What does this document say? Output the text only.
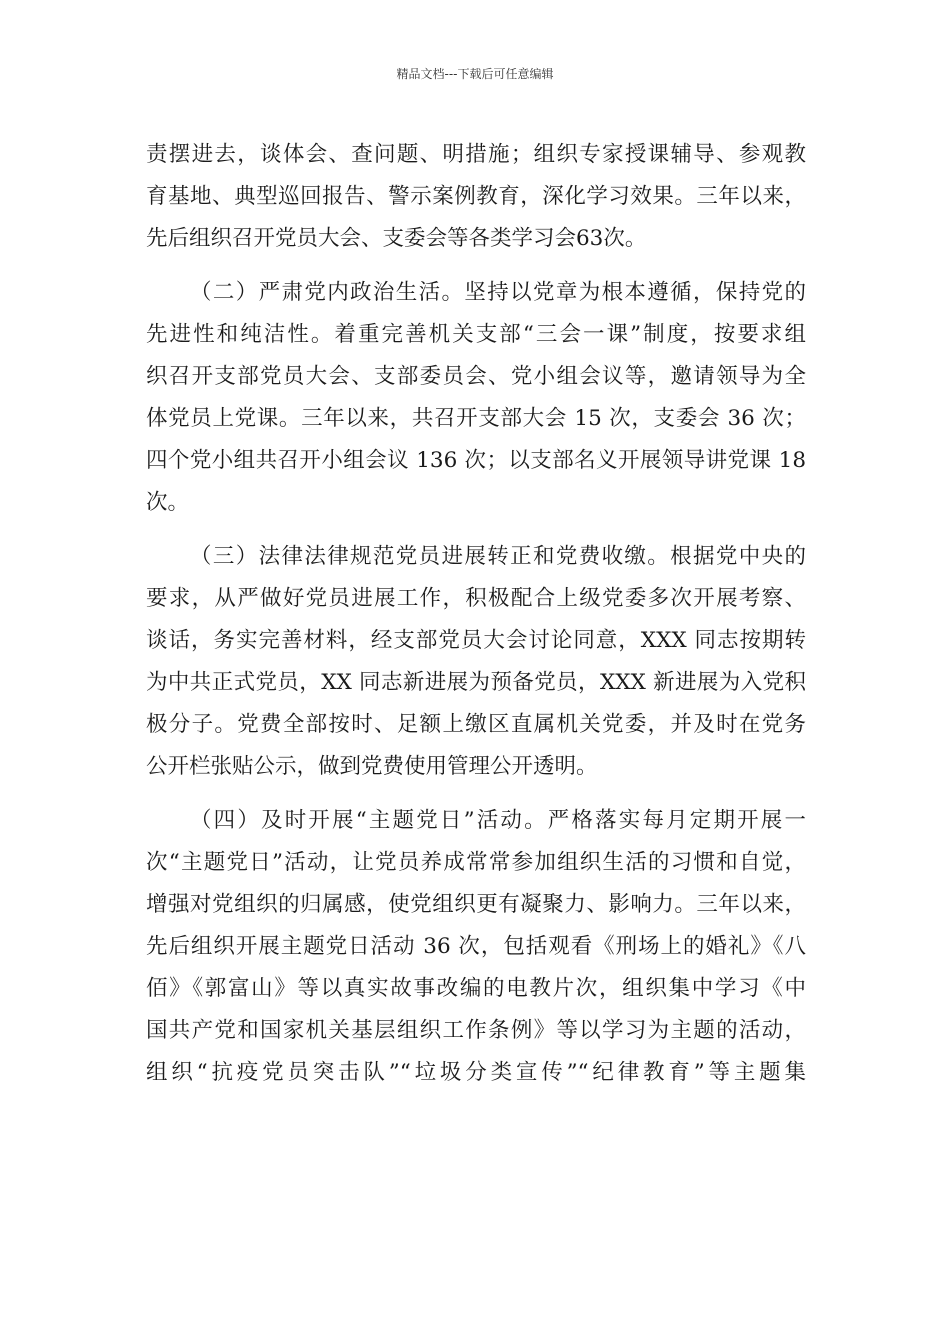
精品文档---下载后可任意编辑
责摆进去，谈体会、查问题、明措施；组织专家授课辅导、参观教
育基地、典型巡回报告、警示案例教育，深化学习效果。三年以来，
先后组织召开党员大会、支委会等各类学习会63次。
（二）严肃党内政治生活。坚持以党章为根本遵循，保持党的
先进性和纯洁性。着重完善机关支部“三会一课”制度，按要求组
织召开支部党员大会、支部委员会、党小组会议等，邀请领导为全
体党员上党课。三年以来，共召开支部大会 15 次，支委会 36 次；
四个党小组共召开小组会议 136 次；以支部名义开展领导讲党课 18
次。
（三）法律法律规范党员进展转正和党费收缴。根据党中央的
要求，从严做好党员进展工作，积极配合上级党委多次开展考察、
谈话，务实完善材料，经支部党员大会讨论同意，XXX 同志按期转
为中共正式党员，XX 同志新进展为预备党员，XXX 新进展为入党积
极分子。党费全部按时、足额上缴区直属机关党委，并及时在党务
公开栏张贴公示，做到党费使用管理公开透明。
（四）及时开展“主题党日”活动。严格落实每月定期开展一
次“主题党日”活动，让党员养成常常参加组织生活的习惯和自觉，
增强对党组织的归属感，使党组织更有凝聚力、影响力。三年以来，
先后组织开展主题党日活动 36 次，包括观看《刑场上的婚礼》《八
佰》《郭富山》等以真实故事改编的电教片次，组织集中学习《中
国共产党和国家机关基层组织工作条例》等以学习为主题的活动，
组织“抗疫党员突击队”“垃圾分类宣传”“纪律教育”等主题集
